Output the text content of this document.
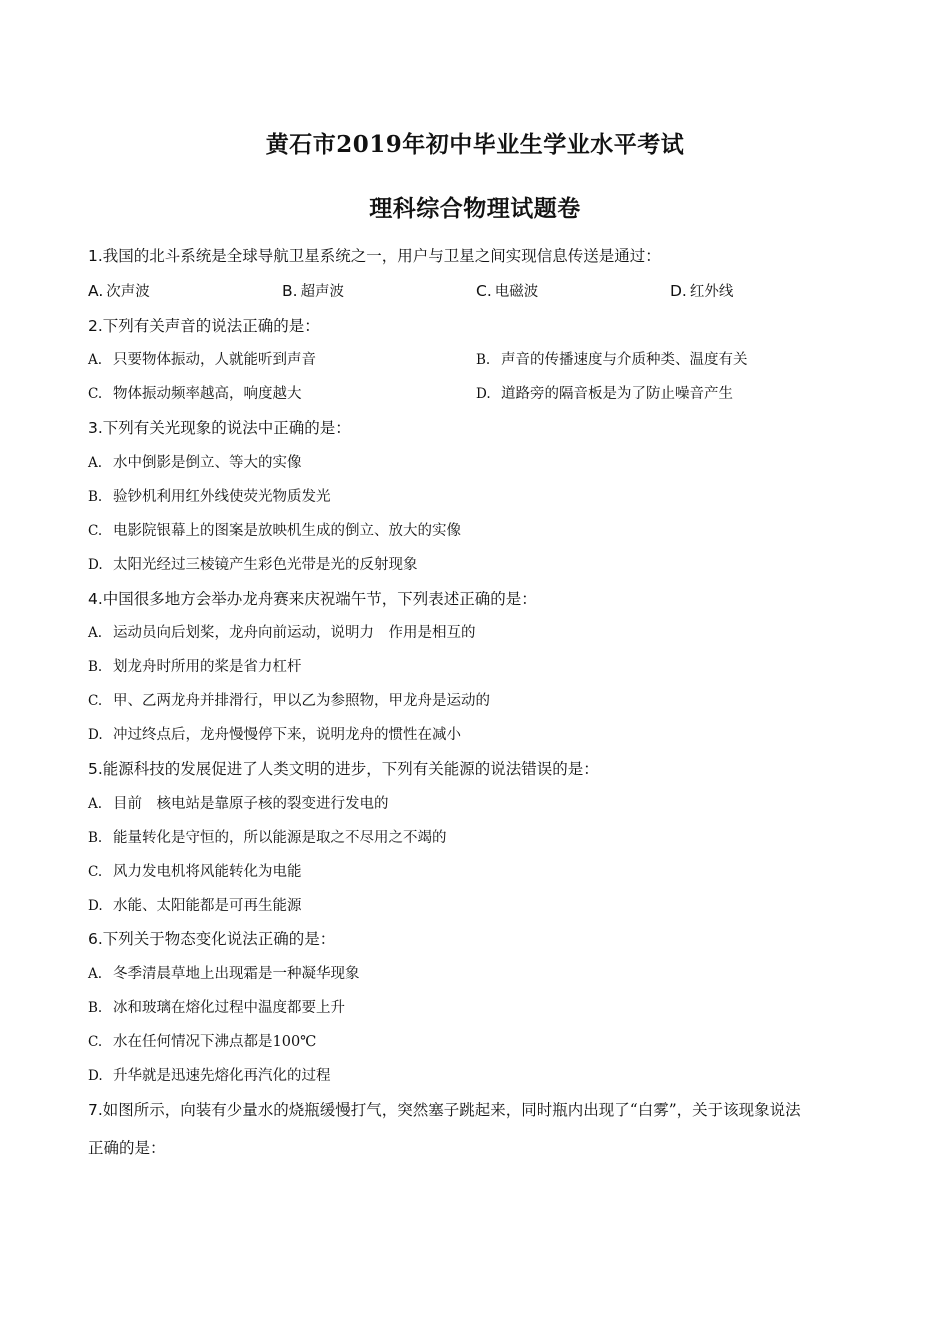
黄石市2019年初中毕业生学业水平考试
理科综合物理试题卷
1.我国的北斗系统是全球导航卫星系统之一，用户与卫星之间实现信息传送是通过：
A. 次声波	B. 超声波	C. 电磁波	D. 红外线
2.下列有关声音的说法正确的是：
A. 只要物体振动，人就能听到声音	B. 声音的传播速度与介质种类、温度有关
C. 物体振动频率越高，响度越大	D. 道路旁的隔音板是为了防止噪音产生
3.下列有关光现象的说法中正确的是：
A. 水中倒影是倒立、等大的实像
B. 验钞机利用红外线使荧光物质发光
C. 电影院银幕上的图案是放映机生成的倒立、放大的实像
D. 太阳光经过三棱镜产生彩色光带是光的反射现象
4.中国很多地方会举办龙舟赛来庆祝端午节，下列表述正确的是：
A. 运动员向后划桨，龙舟向前运动，说明力　作用是相互的
B. 划龙舟时所用的桨是省力杠杆
C. 甲、乙两龙舟并排滑行，甲以乙为参照物，甲龙舟是运动的
D. 冲过终点后，龙舟慢慢停下来，说明龙舟的惯性在减小
5.能源科技的发展促进了人类文明的进步，下列有关能源的说法错误的是：
A. 目前　核电站是靠原子核的裂变进行发电的
B. 能量转化是守恒的，所以能源是取之不尽用之不竭的
C. 风力发电机将风能转化为电能
D. 水能、太阳能都是可再生能源
6.下列关于物态变化说法正确的是：
A. 冬季清晨草地上出现霜是一种凝华现象
B. 冰和玻璃在熔化过程中温度都要上升
C. 水在任何情况下沸点都是100℃
D. 升华就是迅速先熔化再汽化的过程
7.如图所示，向装有少量水的烧瓶缓慢打气，突然塞子跳起来，同时瓶内出现了“白雾”，关于该现象说法
正确的是：
